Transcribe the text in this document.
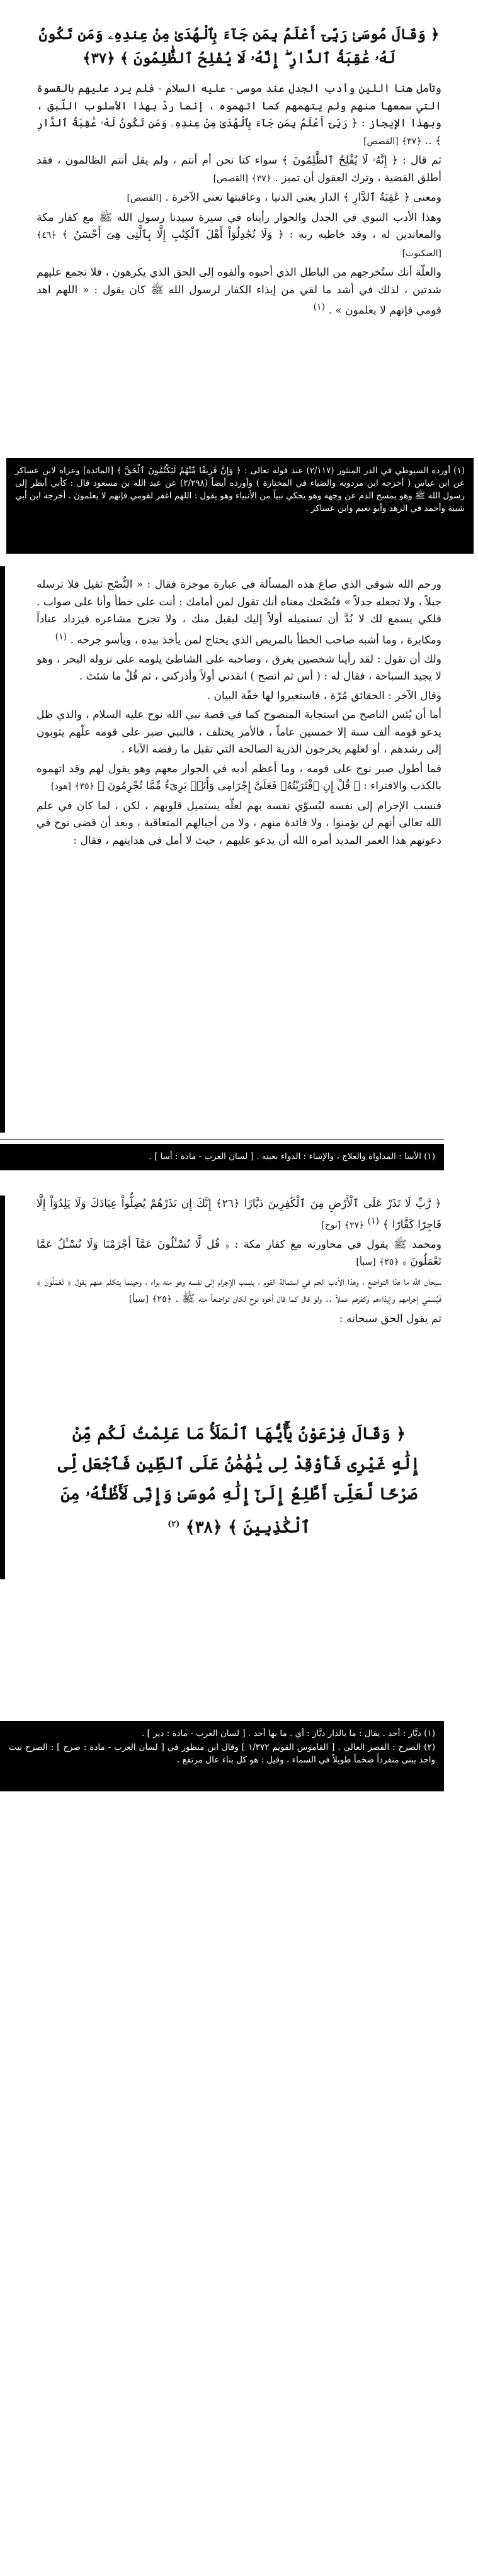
﴿ وَقَالَ مُوسَىٰ رَبِّىٓ أَعْلَمُ بِمَن جَآءَ بِٱلْهُدَىٰ مِنْ عِندِهِۦ وَمَن تَكُونُ لَهُۥ عَٰقِبَةُ ٱلدَّارِ ۖ إِنَّهُۥ لَا يُفْلِحُ ٱلظَّٰلِمُونَ ﴾ ﴿٣٧﴾

وتأمل هنا اللين وأدب الجدل عند موسى - عليه السلام - فلم يرد عليهم بالقسوة التي سمعها منهم ولم يتهمهم كما اتهموه ، إنما ردّ بهذا الأسلوب اللّبق ، وبهذا الإيجاز : ﴿ رَبِّىٓ أَعْلَمُ بِمَن جَآءَ بِٱلْهُدَىٰ مِنْ عِندِهِۦ وَمَن تَكُونُ لَهُۥ عَٰقِبَةُ ٱلدَّارِ ﴾ .. ﴿٣٧﴾ [القصص]

ثم قال : ﴿ إِنَّهُۥ لَا يُفْلِحُ ٱلظَّٰلِمُونَ ﴾ سواء كنا نحن أم أنتم ، ولم يقل أنتم الظالمون ، فقد أطلق القضية ، وترك العقول أن تميز . ﴿٣٧﴾ [القصص]

ومعنى ﴿ عَٰقِبَةُ ٱلدَّارِ ﴾ الدار يعني الدنيا ، وعاقبتها تعني الآخرة . [القصص]

وهذا الأدب النبوي في الجدل والحوار رأيناه في سيرة سيدنا رسول الله ﷺ مع كفار مكة والمعاندين له ، وقد خاطبه ربه : ﴿ وَلَا تُجَٰدِلُوٓاْ أَهْلَ ٱلْكِتَٰبِ إِلَّا بِٱلَّتِى هِىَ أَحْسَنُ ﴾ ﴿٤٦﴾ [العنكبوت]

والعلّة أنك ستُخرجهم من الباطل الذي أحبوه وألفوه إلى الحق الذي يكرهون ، فلا تجمع عليهم شدتين ، لذلك في أشد ما لقي من إيذاء الكفار لرسول الله ﷺ كان يقول : « اللهم اهد قومي فإنهم لا يعلمون » . $^{(١)}$

(١) أورده السيوطي في الدر المنثور (٢/١١٧) عند قوله تعالى : ﴿ وَإِنَّ فَرِيقًا مِّنْهُمْ لَيَكْتُمُونَ ٱلْحَقَّ ﴾ [المائدة] وعزاه لابن عساكر عن ابن عباس ( أخرجه ابن مردويه والضياء في المختارة ) وأورده أيضاً (٢/٢٩٨) عن عبد الله بن مسعود قال : كأني أنظر إلى رسول الله ﷺ وهو يمسح الدم عن وجهه وهو يحكي نبياً من الأنبياء وهو يقول : اللهم اغفر لقومي فإنهم لا يعلمون . أخرجه ابن أبي شيبة وأحمد في الزهد وأبو نعيم وابن عساكر .

ورحم الله شوقي الذي صاغ هذه المسألة في عبارة موجزة فقال : « النُّصْح ثقيل فلا ترسله جبلاً ، ولا تجعله جدلاً » فنُصْحك معناه أنك تقول لمن أمامك : أنت على خطأ وأنا على صواب . فلكي يسمع لك لا بُدَّ أن تستميله أولاً إليك ليقبل منك ، ولا تجرح مشاعره فيزداد عناداً ومكابرة ، وما أشبه صاحب الخطأ بالمريض الذي يحتاج لمن يأخذ بيده ، ويأسو جرحه . $^{(١)}$

ولك أن تقول : لقد رأينا شخصين يغرق ، وصاحبه على الشاطئ يلومه على نزوله البحر ، وهو لا يجيد السباحة ، فقال له : ( أس ثم انصح ) انقذني أولاً وأدركني ، ثم قُلْ ما شئتَ .

وقال الآخر : الحقائق مُرّة ، فاستعيروا لها خفّة البيان .

أما أن يُئس الناصح من استجابة المنصوح كما في قصة نبي الله نوح عليه السلام ، والذي ظل يدعو قومه ألف سنة إلا خمسين عاماً ، فالأمر يختلف ، فالنبي صبر على قومه علّهم يثوبون إلى رشدهم ، أو لعلهم يخرجون الذرية الصالحة التي تقبل ما رفضه الآباء .

فما أطول صبر نوح على قومه ، وما أعظم أدبه في الحوار معهم وهو يقول لهم وقد اتهموه بالكذب والافتراء : ﴿ قُلْ إِنِ ٱفْتَرَيْتُهُۥ فَعَلَىَّ إِجْرَامِى وَأَنَا۠ بَرِىٓءٌ مِّمَّا تُجْرِمُونَ ﴾ ﴿٣٥﴾ [هود]

فنسب الإجرام إلى نفسه ليُسوّي نفسه بهم لعلّه يستميل قلوبهم ، لكن ، لما كان في علم الله تعالى أنهم لن يؤمنوا ، ولا فائدة منهم ، ولا من أجيالهم المتعاقبة ، وبعد أن قضى نوح في دعوتهم هذا العمر المديد أمره الله أن يدعو عليهم ، حيث لا أمل في هدايتهم ، فقال :

(١) الأسا : المداواة والعلاج ، والإساء : الدواء بعينه . [ لسان العرب - مادة : أسا ] .

﴿ رَّبِّ لَا تَذَرْ عَلَى ٱلْأَرْضِ مِنَ ٱلْكَٰفِرِينَ دَيَّارًا ﴿٢٦﴾ إِنَّكَ إِن تَذَرْهُمْ يُضِلُّواْ عِبَادَكَ وَلَا يَلِدُوٓاْ إِلَّا فَاجِرًا كَفَّارًا ﴾ $^{(١)}$ ﴿٢٧﴾ [نوح]

ومحمد ﷺ يقول في محاورته مع كفار مكة : ﴿ قُل لَّا تُسْـَٔلُونَ عَمَّآ أَجْرَمْنَا وَلَا نُسْـَٔلُ عَمَّا تَعْمَلُونَ ﴾ ﴿٢٥﴾ [سبأ]

سبحان الله ما هذا التواضع ، وهذا الأدب الجم في استمالة القوم ، ينسب الإجرام إلى نفسه وهو منه براء ، وحينما يتكلم عنهم يقول ﴿ تَعْمَلُونَ ﴾ فَيُسمّي إجرامهم وإيذاءهم وكفرهم عملاً .. ولو قال كما قال أخوه نوح لكان تواضعاً منه ﷺ . ﴿٢٥﴾ [سبأ]

ثم يقول الحق سبحانه :

﴿ وَقَالَ فِرْعَوْنُ يَٰٓأَيُّهَا ٱلْمَلَأُ مَا عَلِمْتُ لَكُم مِّنْ إِلَٰهٍ غَيْرِى فَأَوْقِدْ لِى يَٰهَٰمَٰنُ عَلَى ٱلطِّينِ فَٱجْعَل لِّى صَرْحًا لَّعَلِّىٓ أَطَّلِعُ إِلَىٰٓ إِلَٰهِ مُوسَىٰ وَإِنِّى لَأَظُنُّهُۥ مِنَ ٱلْكَٰذِبِينَ ﴾ ﴿٣٨﴾ $^{(٢)}$

(١) ديَّار : أحد . يقال : ما بالدار ديَّار : أي . ما بها أحد . [ لسان العرب - مادة : دير ] .

(٢) الصرح : القصر العالي . [ القاموس القويم ١/٣٧٢ ] وقال ابن منظور في [ لسان العرب - مادة : صرح ] : الصرح بيت واحد يبنى منفرداً ضخماً طويلاً في السماء ، وقيل : هو كل بناء عال مرتفع .
